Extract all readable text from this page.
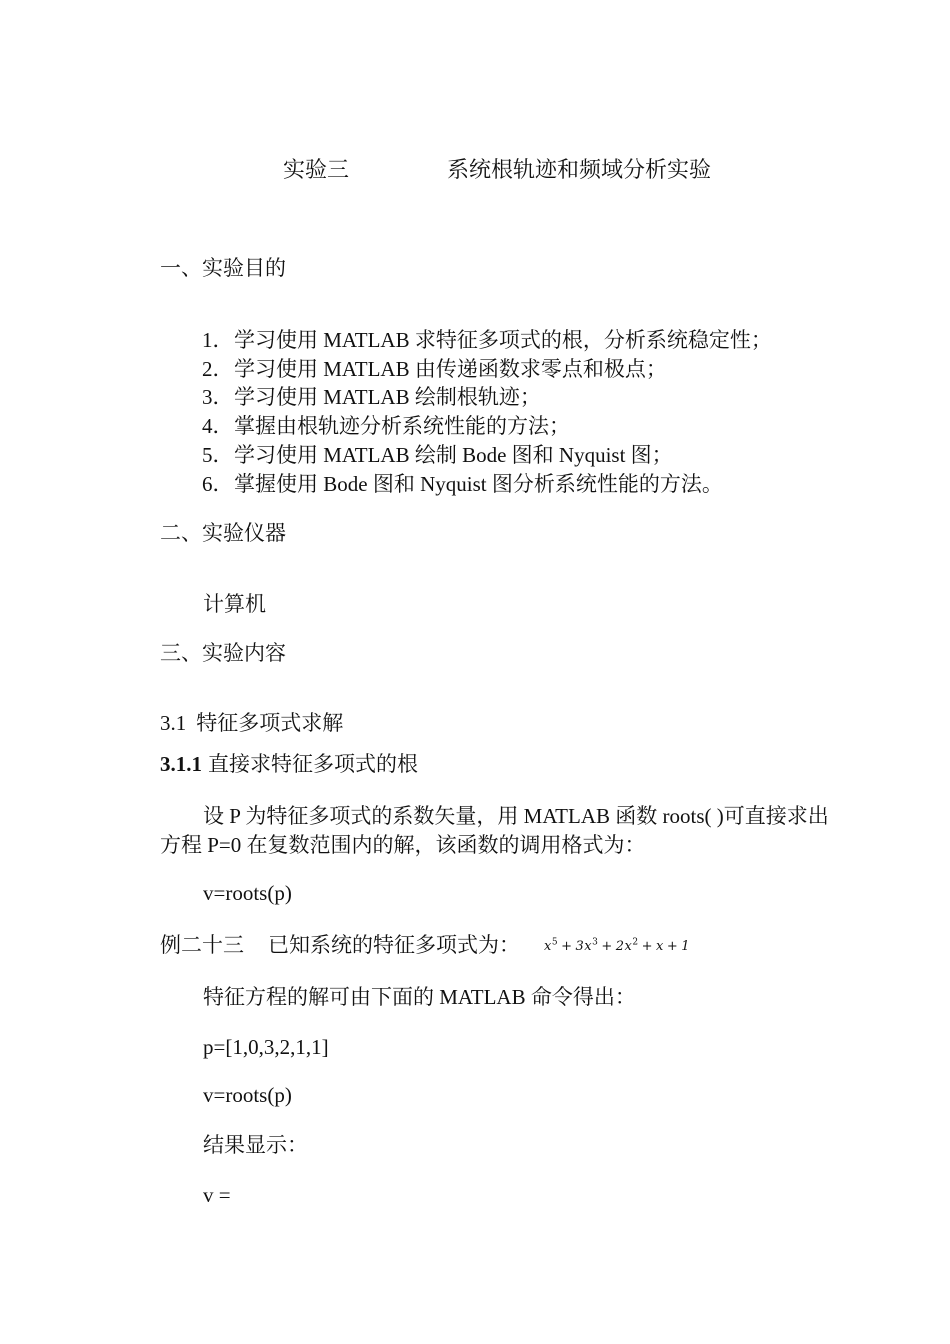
实验三	系统根轨迹和频域分析实验
一、实验目的
1． 学习使用 MATLAB 求特征多项式的根，分析系统稳定性；
2． 学习使用 MATLAB 由传递函数求零点和极点；
3． 学习使用 MATLAB 绘制根轨迹；
4． 掌握由根轨迹分析系统性能的方法；
5． 学习使用 MATLAB 绘制 Bode 图和 Nyquist 图；
6． 掌握使用 Bode 图和 Nyquist 图分析系统性能的方法。
二、实验仪器
计算机
三、实验内容
3.1 特征多项式求解
3.1.1 直接求特征多项式的根
设 P 为特征多项式的系数矢量，用 MATLAB 函数 roots( )可直接求出方程 P=0 在复数范围内的解，该函数的调用格式为：
v=roots(p)
例二十三 已知系统的特征多项式为： $x^5 + 3x^3 + 2x^2 + x + 1$
特征方程的解可由下面的 MATLAB 命令得出：
p=[1,0,3,2,1,1]
v=roots(p)
结果显示：
v =
